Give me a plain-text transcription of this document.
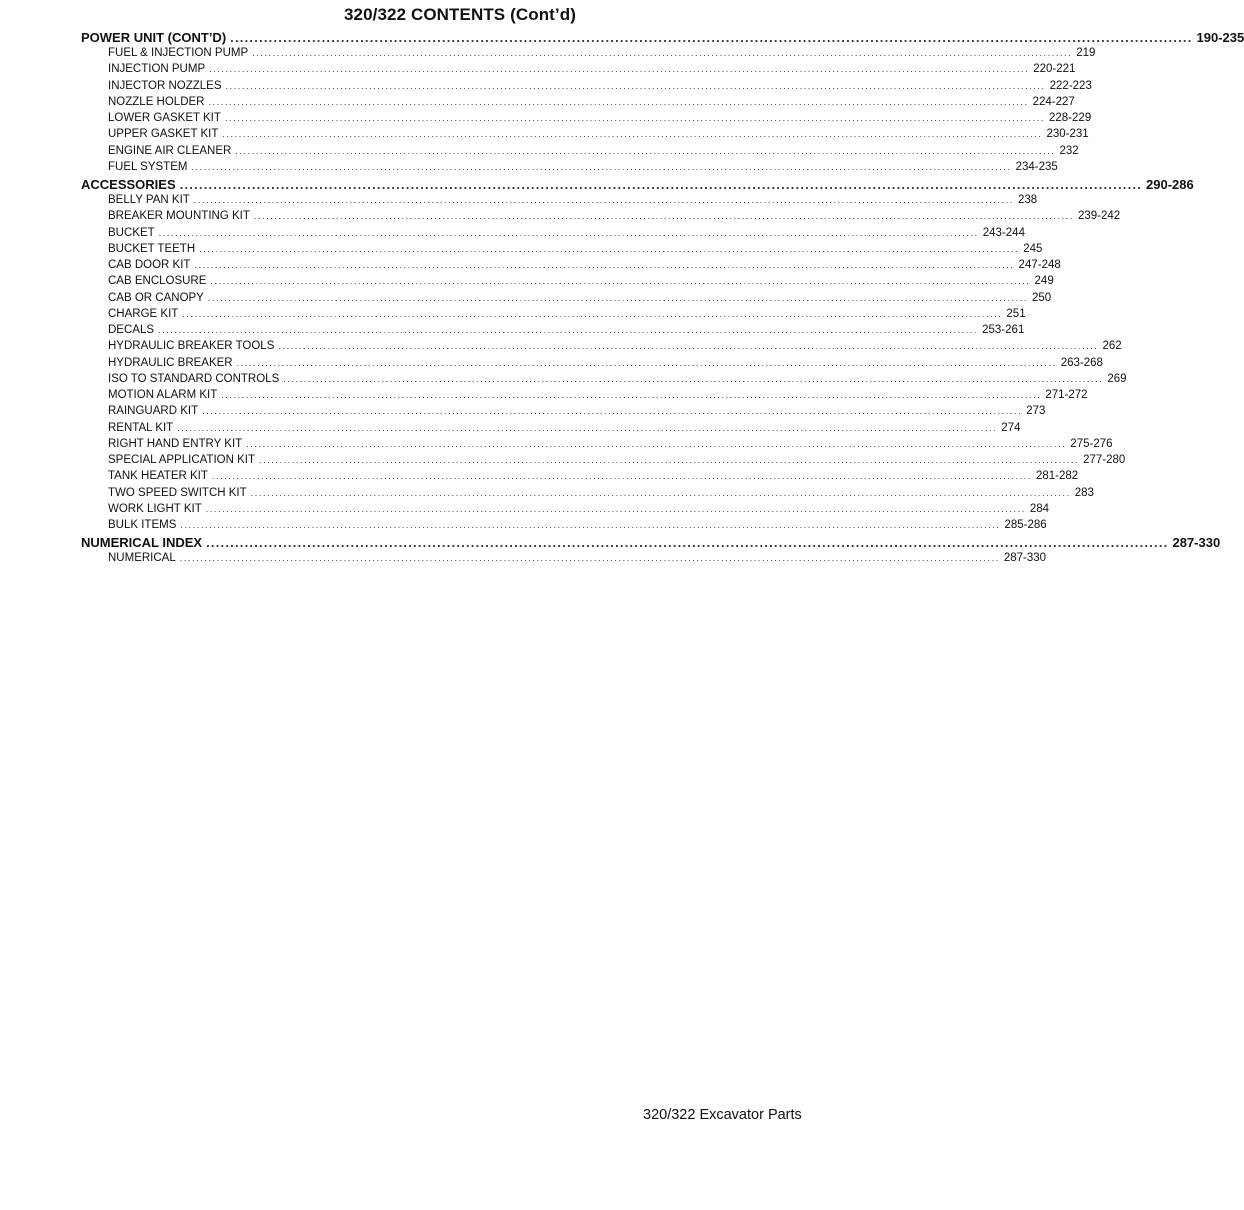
320/322 CONTENTS (Cont’d)
POWER UNIT (CONT’D) ........................................................................................................................................................................................................ 190-235
FUEL & INJECTION PUMP ........................................................................................................................................................................................................ 219
INJECTION PUMP ........................................................................................................................................................................................................ 220-221
INJECTOR NOZZLES ........................................................................................................................................................................................................ 222-223
NOZZLE HOLDER ........................................................................................................................................................................................................ 224-227
LOWER GASKET KIT ........................................................................................................................................................................................................ 228-229
UPPER GASKET KIT ........................................................................................................................................................................................................ 230-231
ENGINE AIR CLEANER ........................................................................................................................................................................................................ 232
FUEL SYSTEM ........................................................................................................................................................................................................ 234-235
ACCESSORIES ........................................................................................................................................................................................................ 290-286
BELLY PAN KIT ........................................................................................................................................................................................................ 238
BREAKER MOUNTING KIT ........................................................................................................................................................................................................ 239-242
BUCKET ........................................................................................................................................................................................................ 243-244
BUCKET TEETH ........................................................................................................................................................................................................ 245
CAB DOOR KIT ........................................................................................................................................................................................................ 247-248
CAB ENCLOSURE ........................................................................................................................................................................................................ 249
CAB OR CANOPY ........................................................................................................................................................................................................ 250
CHARGE KIT ........................................................................................................................................................................................................ 251
DECALS ........................................................................................................................................................................................................ 253-261
HYDRAULIC BREAKER TOOLS ........................................................................................................................................................................................................ 262
HYDRAULIC BREAKER ........................................................................................................................................................................................................ 263-268
ISO TO STANDARD CONTROLS ........................................................................................................................................................................................................ 269
MOTION ALARM KIT ........................................................................................................................................................................................................ 271-272
RAINGUARD KIT ........................................................................................................................................................................................................ 273
RENTAL KIT ........................................................................................................................................................................................................ 274
RIGHT HAND ENTRY KIT ........................................................................................................................................................................................................ 275-276
SPECIAL APPLICATION KIT ........................................................................................................................................................................................................ 277-280
TANK HEATER KIT ........................................................................................................................................................................................................ 281-282
TWO SPEED SWITCH KIT ........................................................................................................................................................................................................ 283
WORK LIGHT KIT ........................................................................................................................................................................................................ 284
BULK ITEMS ........................................................................................................................................................................................................ 285-286
NUMERICAL INDEX ........................................................................................................................................................................................................ 287-330
NUMERICAL ........................................................................................................................................................................................................ 287-330
320/322 Excavator Parts
